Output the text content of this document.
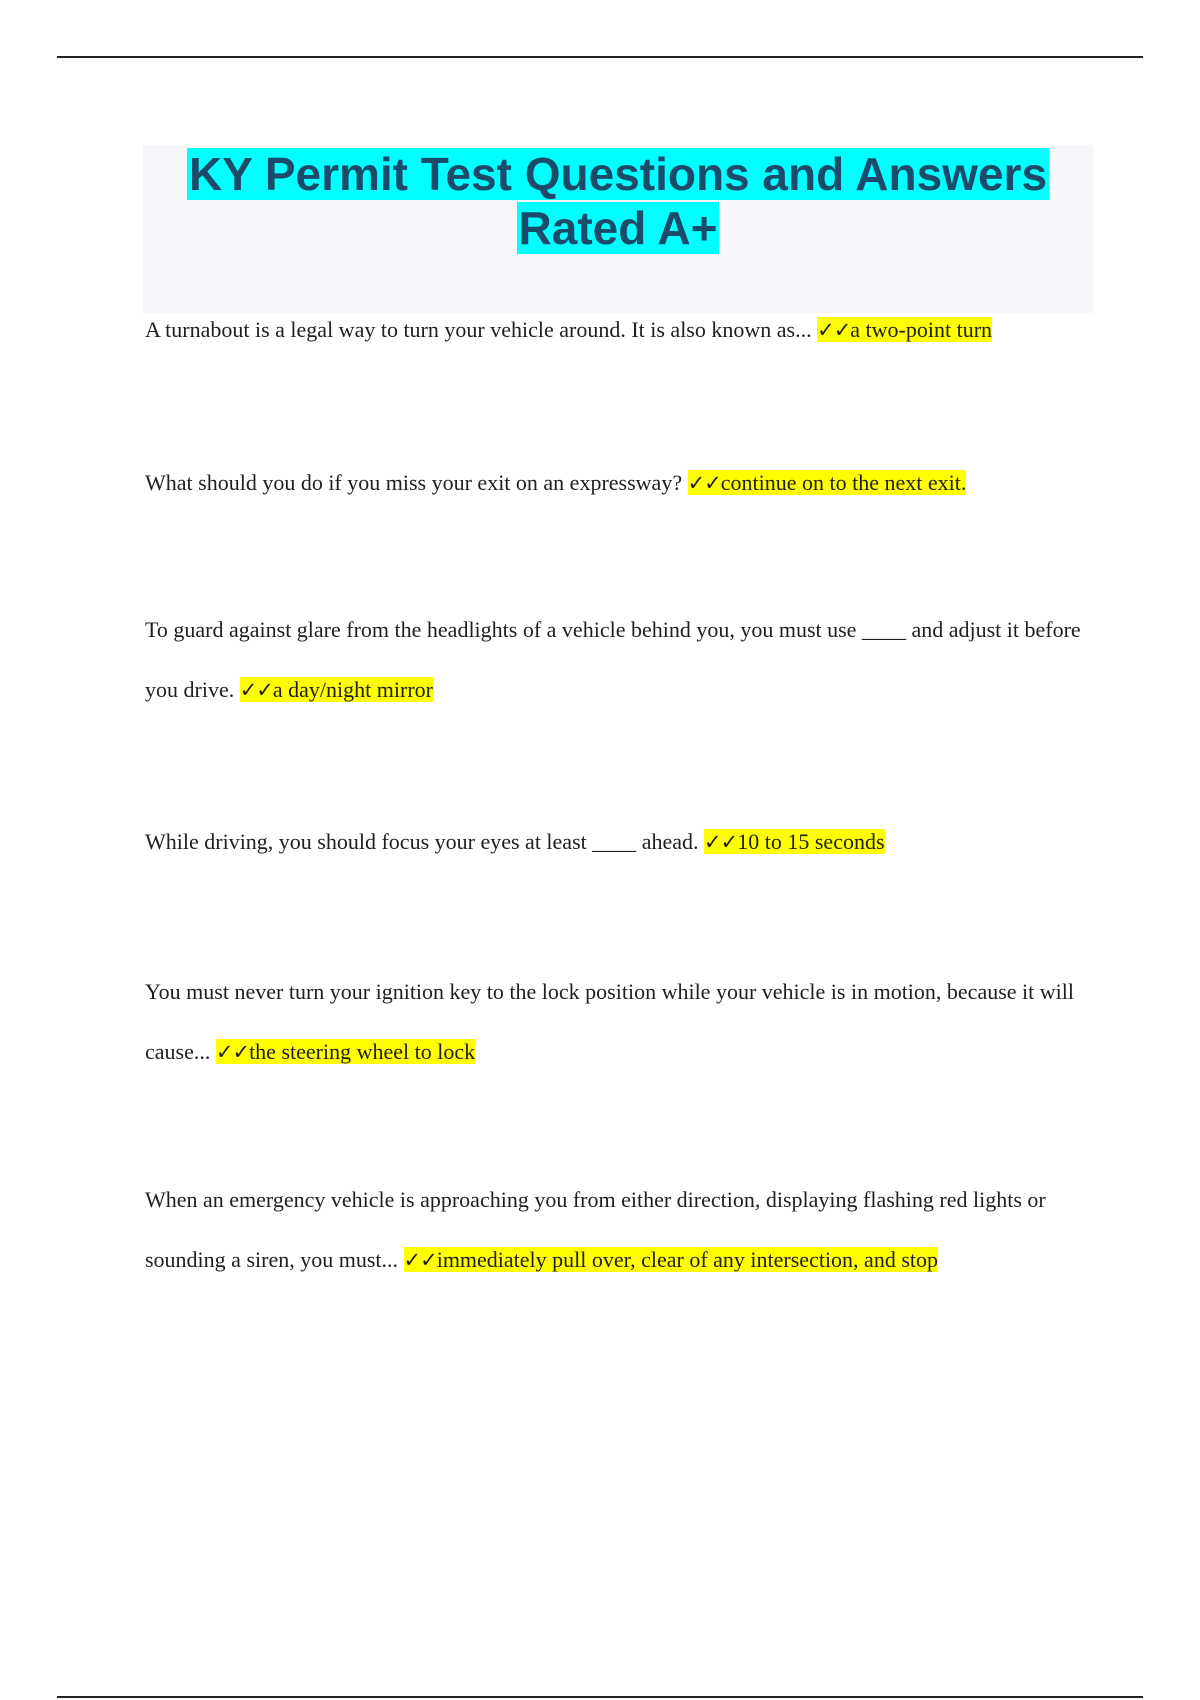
KY Permit Test Questions and Answers Rated A+

A turnabout is a legal way to turn your vehicle around. It is also known as... ✓✓a two-point turn

What should you do if you miss your exit on an expressway? ✓✓continue on to the next exit.

To guard against glare from the headlights of a vehicle behind you, you must use ____ and adjust it before you drive. ✓✓a day/night mirror

While driving, you should focus your eyes at least ____ ahead. ✓✓10 to 15 seconds

You must never turn your ignition key to the lock position while your vehicle is in motion, because it will cause... ✓✓the steering wheel to lock

When an emergency vehicle is approaching you from either direction, displaying flashing red lights or sounding a siren, you must... ✓✓immediately pull over, clear of any intersection, and stop
